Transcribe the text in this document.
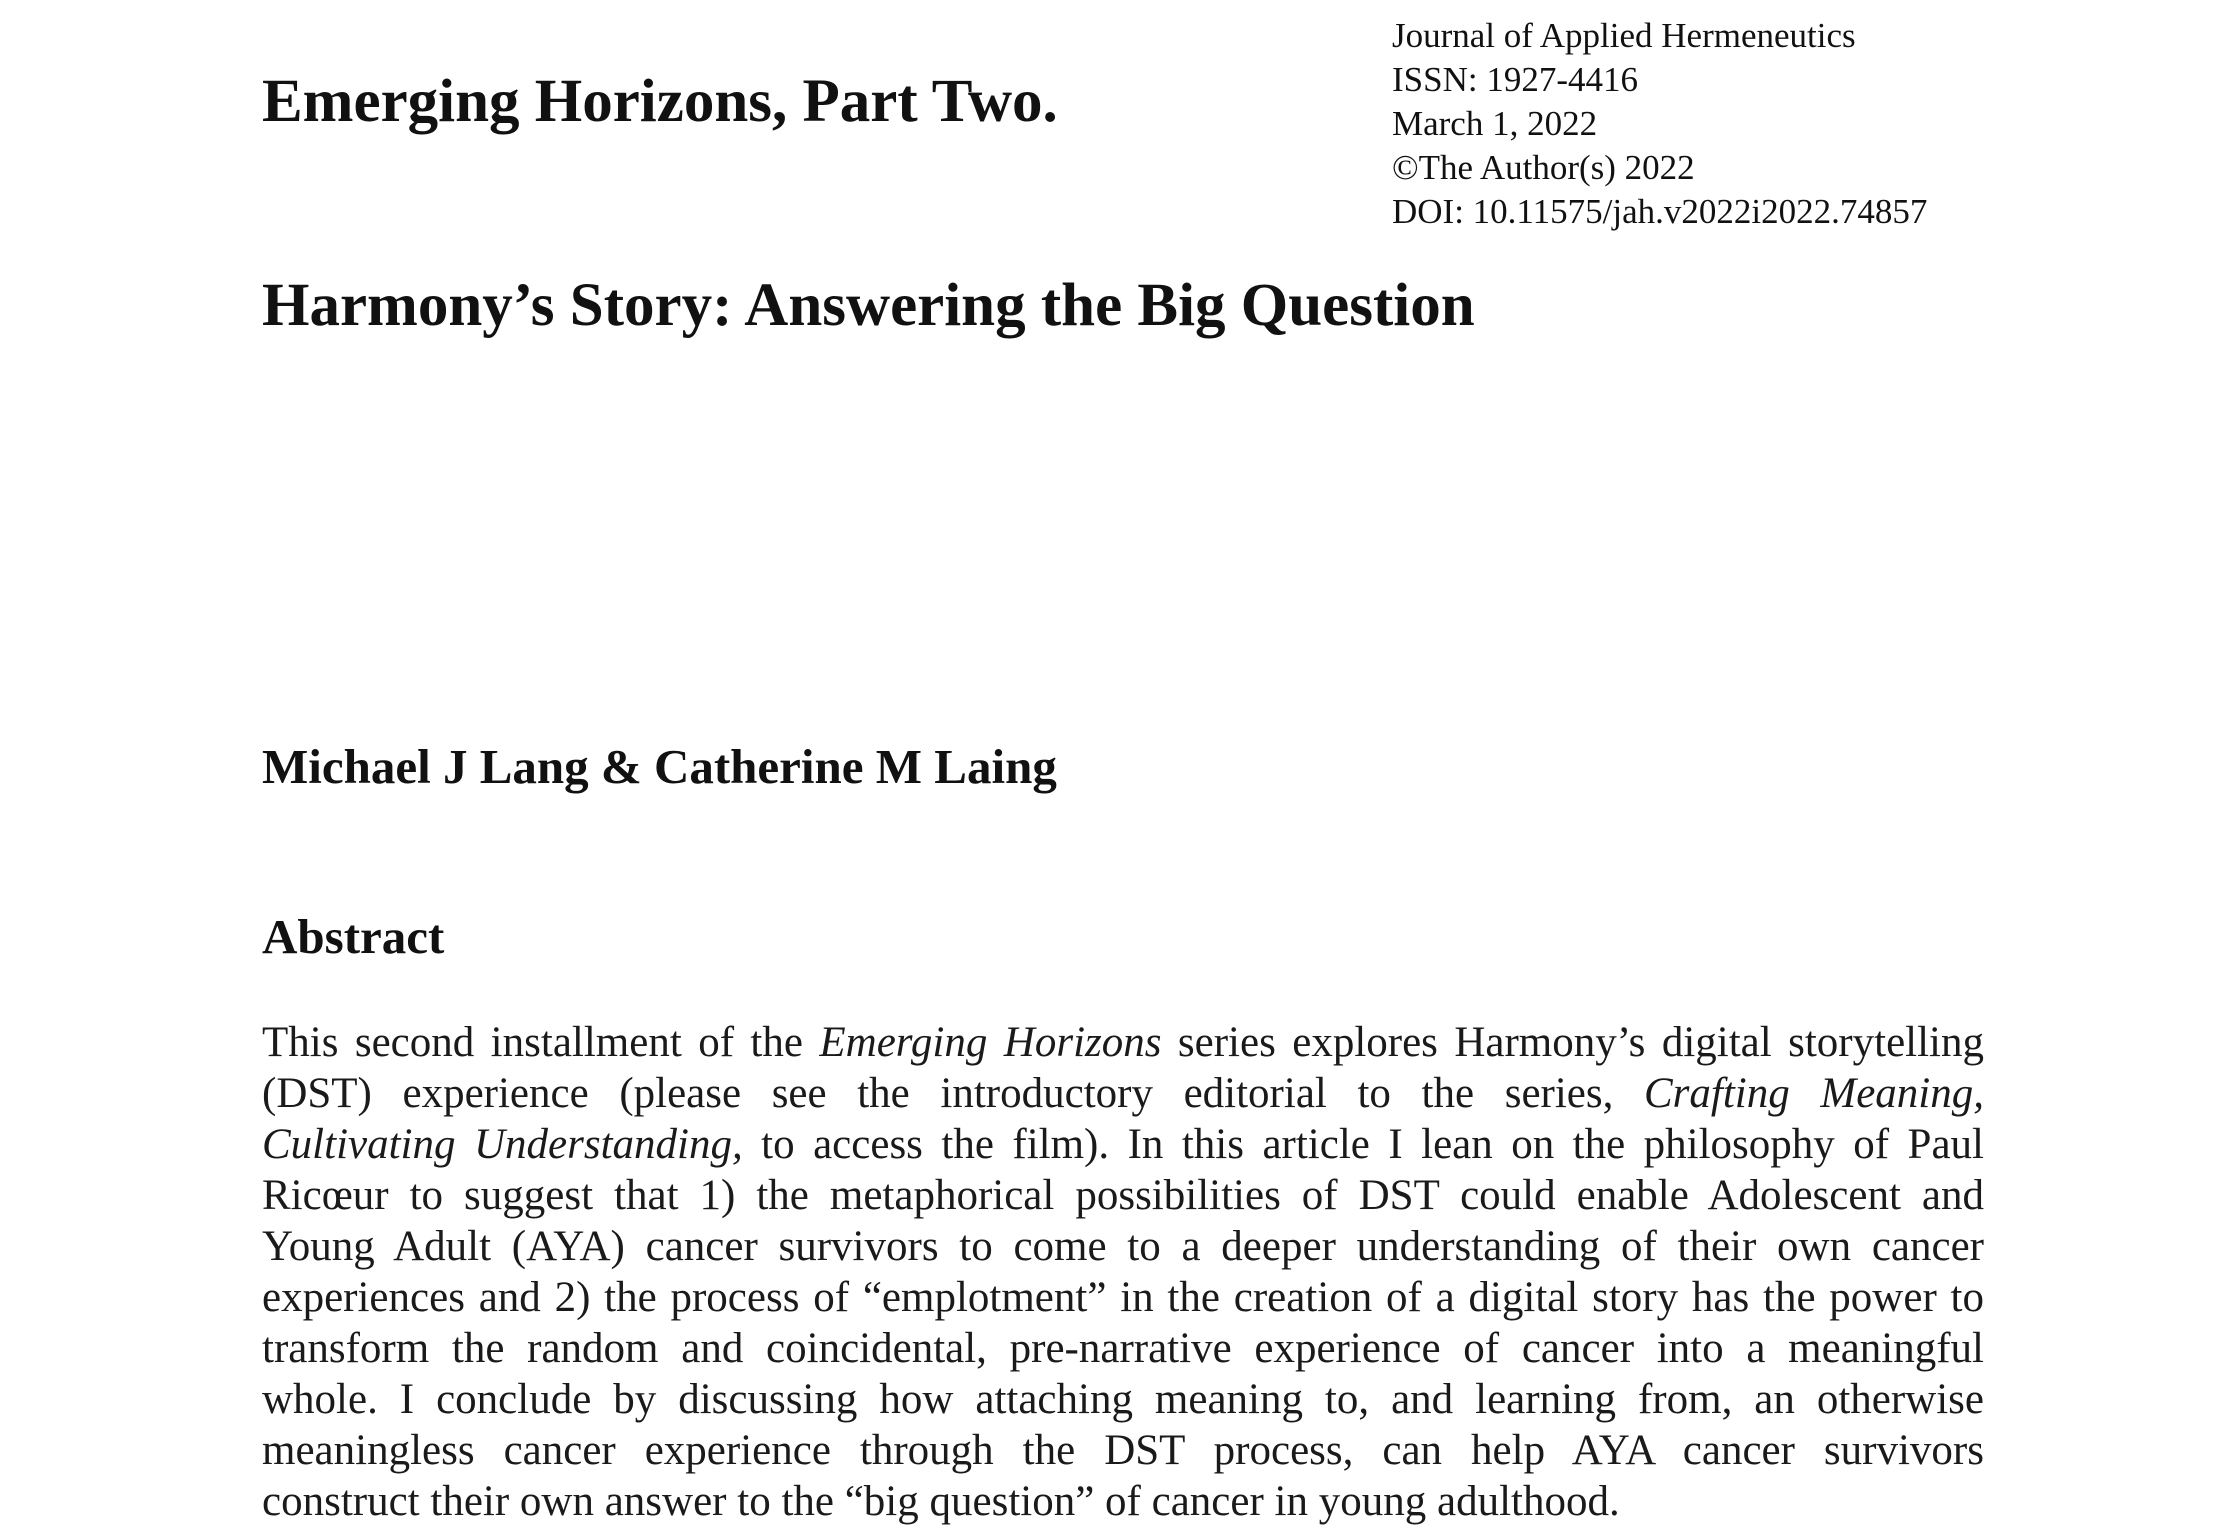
Journal of Applied Hermeneutics
ISSN: 1927-4416
March 1, 2022
©The Author(s) 2022
DOI: 10.11575/jah.v2022i2022.74857
Emerging Horizons, Part Two.
Harmony’s Story: Answering the Big Question
Michael J Lang & Catherine M Laing
Abstract
This second installment of the Emerging Horizons series explores Harmony’s digital storytelling
(DST) experience (please see the introductory editorial to the series, Crafting Meaning,
Cultivating Understanding, to access the film). In this article I lean on the philosophy of Paul
Ricœur to suggest that 1) the metaphorical possibilities of DST could enable Adolescent and
Young Adult (AYA) cancer survivors to come to a deeper understanding of their own cancer
experiences and 2) the process of “emplotment” in the creation of a digital story has the power to
transform the random and coincidental, pre-narrative experience of cancer into a meaningful
whole. I conclude by discussing how attaching meaning to, and learning from, an otherwise
meaningless cancer experience through the DST process, can help AYA cancer survivors
construct their own answer to the “big question” of cancer in young adulthood.
